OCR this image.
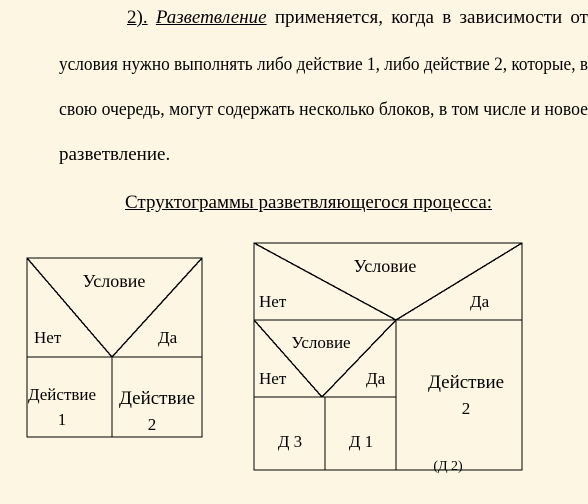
2). Разветвление применяется, когда в зависимости от
условия нужно выполнять либо действие 1, либо действие 2, которые, в
свою очередь, могут содержать несколько блоков, в том числе и новое
разветвление.
Структограммы разветвляющегося процесса:
Условие
Нет	Да
Действие
1
Действие
2
Условие
Нет	Да
Условие
Нет	Да
Д 3	Д 1
Действие
2
(Д 2)
